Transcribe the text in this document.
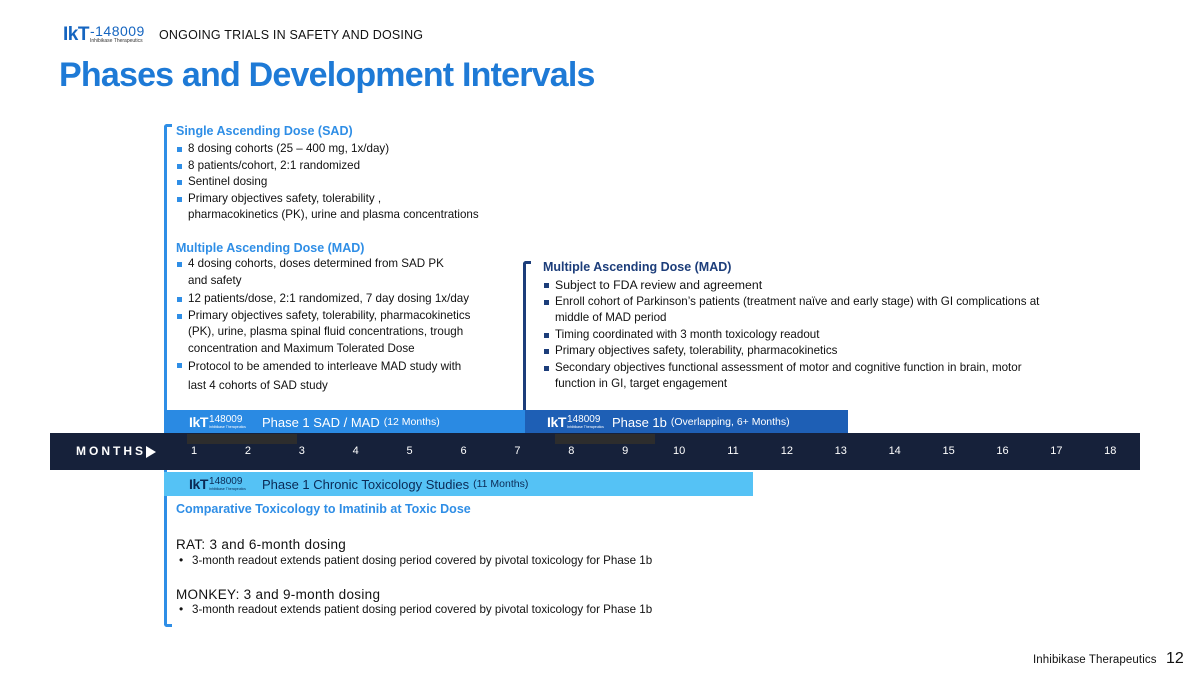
IkT -148009
Inhibikase Therapeutics ONGOING TRIALS IN SAFETY AND DOSING
Phases and Development Intervals
Single Ascending Dose (SAD)
8 dosing cohorts (25 – 400 mg, 1x/day)
8 patients/cohort, 2:1 randomized
Sentinel dosing
Primary objectives safety, tolerability ,
pharmacokinetics (PK), urine and plasma concentrations
Multiple Ascending Dose (MAD)
4 dosing cohorts, doses determined from SAD PK
and safety
12 patients/dose, 2:1 randomized, 7 day dosing 1x/day
Primary objectives safety, tolerability, pharmacokinetics
(PK), urine, plasma spinal fluid concentrations, trough
concentration and Maximum Tolerated Dose
Protocol to be amended to interleave MAD study with
last 4 cohorts of SAD study
Multiple Ascending Dose (MAD)
Subject to FDA review and agreement
Enroll cohort of Parkinson’s patients (treatment naïve and early stage) with GI complications at
middle of MAD period
Timing coordinated with 3 month toxicology readout
Primary objectives safety, tolerability, pharmacokinetics
Secondary objectives functional assessment of motor and cognitive function in brain, motor
function in GI, target engagement
IkT 148009
Inhibikase Therapeutics Phase 1 SAD / MAD (12 Months)	IkT 148009
Inhibikase Therapeutics Phase 1b (Overlapping, 6+ Months)
MONTHS	1	2	3	4	5	6	7	8	9	10	11	12	13	14	15	16	17	18
IkT 148009
Inhibikase Therapeutics Phase 1 Chronic Toxicology Studies (11 Months)
Comparative Toxicology to Imatinib at Toxic Dose
RAT: 3 and 6-month dosing
• 3-month readout extends patient dosing period covered by pivotal toxicology for Phase 1b
MONKEY: 3 and 9-month dosing
• 3-month readout extends patient dosing period covered by pivotal toxicology for Phase 1b
Inhibikase Therapeutics 12
